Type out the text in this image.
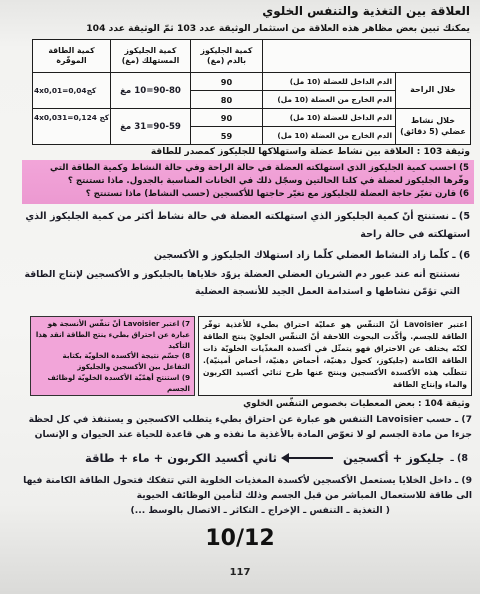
العلاقة بين التغذية والتنفس الخلوي
يمكنك تبين بعض مظاهر هذه العلاقة من استثمار الوثيقة عدد 103 ثمّ الوثيقة عدد 104
		كمية الجليكوز بالدم (مغ)	كمية الجليكوز المستهلك (مغ)	كمية الطاقة الموفّرة
خلال الراحة	الدم الداخل للعضلة (10 مل)	90	90-80=10 مغ	4x0,01=0,04كج
	الدم الخارج من العضلة (10 مل)	80		
خلال نشاط عضلي (5 دقائق)	الدم الداخل للعضلة (10 مل)	90	90-59=31 مغ	4x0,031=0,124 كج
	الدم الخارج من العضلة (10 مل)	59		
وثيقة 103 : العلاقة بين نشاط عضلة واستهلاكها للجليكوز كمصدر للطاقة
5) احسب كمية الجليكوز الذي استهلكته العضلة في حالة الراحة وفي حالة النشاط وكمية الطاقة التي وفّرها الجليكوز لعضلة في كلتا الحالتين وسجّل ذلك في الخانات المناسبة بالجدول. ماذا تستنتج ؟
6) قارن تغيّر حاجة العضلة للجليكوز مع تغيّر حاجتها للأكسجين (حسب النشاط) ماذا تستنتج ؟
5) ـ نستنتج أنّ كمية الجليكوز الذي استهلكته العضلة في حالة نشاط أكثر من كمية الجليكوز الذي استهلكته في حالة راحة
6) ـ كلّما زاد النشاط العضلي كلّما زاد استهلاك الجليكوز و الأكسجين
نستنتج أنه عند عبور دم الشريان العضلي العضلة يزوّد خلاياها بالجليكوز و الأكسجين لإنتاج الطاقة التي تؤمّن نشاطها و استدامة العمل الجيد للأنسجة العضلية
اعتبر Lavoisier أنّ التنفّس هو عمليّة احتراق بطيء للأغذية توفّر الطاقة للجسم. وأكّدت البحوث اللاحقة أنّ التنفّس الخلويّ ينتج الطاقة لكنّه يختلف عن الاحتراق فهو يتمثّل في أكسدة المغذّيات الخلويّة ذات الطاقة الكامنة (جليكوز، كحول دهنيّة، أحماض دهنيّة، أحماض أمينيّة). تتطلّب هذه الأكسدة الأكسجين وينتج عنها طرح ثنائي أكسيد الكربون والماء وإنتاج الطاقة
7) اعتبر Lavoisier أنّ تنفّس الأنسجة هو عبارة عن احتراق بطيء ينتج الطاقة انقد هذا التأكيد
8) جسّم نتيجة الأكسدة الخلويّة بكتابة التفاعل بين الأكسجين والجليكوز
9) استنتج أهمّيّة الأكسدة الخلويّة لوظائف الجسم
وثيقة 104 : بعض المعطيات بخصوص التنفّس الخلوي
7) ـ حسب Lavoisier التنفس هو عبارة عن احتراق بطيء يتطلب الاكسجين و يستنفذ في كل لحظة جزءا من مادة الجسم لو لا تعوّض المادة بالأغذية ما نفذه و هي قاعدة للحياة عند الحيوان و الإنسان
8) ـ
جليكوز + أكسجين
ثاني أكسيد الكربون + ماء + طاقة
9) ـ داخل الخلايا يستعمل الأكسجين لأكسدة المغذيات الخلوية التي تتفكك فتحول الطاقة الكامنة فيها الى طاقة للاستعمال المباشر من قبل الجسم وذلك لتأمين الوظائف الحيوية
( التغذية ـ التنفس ـ الإخراج ـ التكاثر ـ الاتصال بالوسط ...)
10/12
117
